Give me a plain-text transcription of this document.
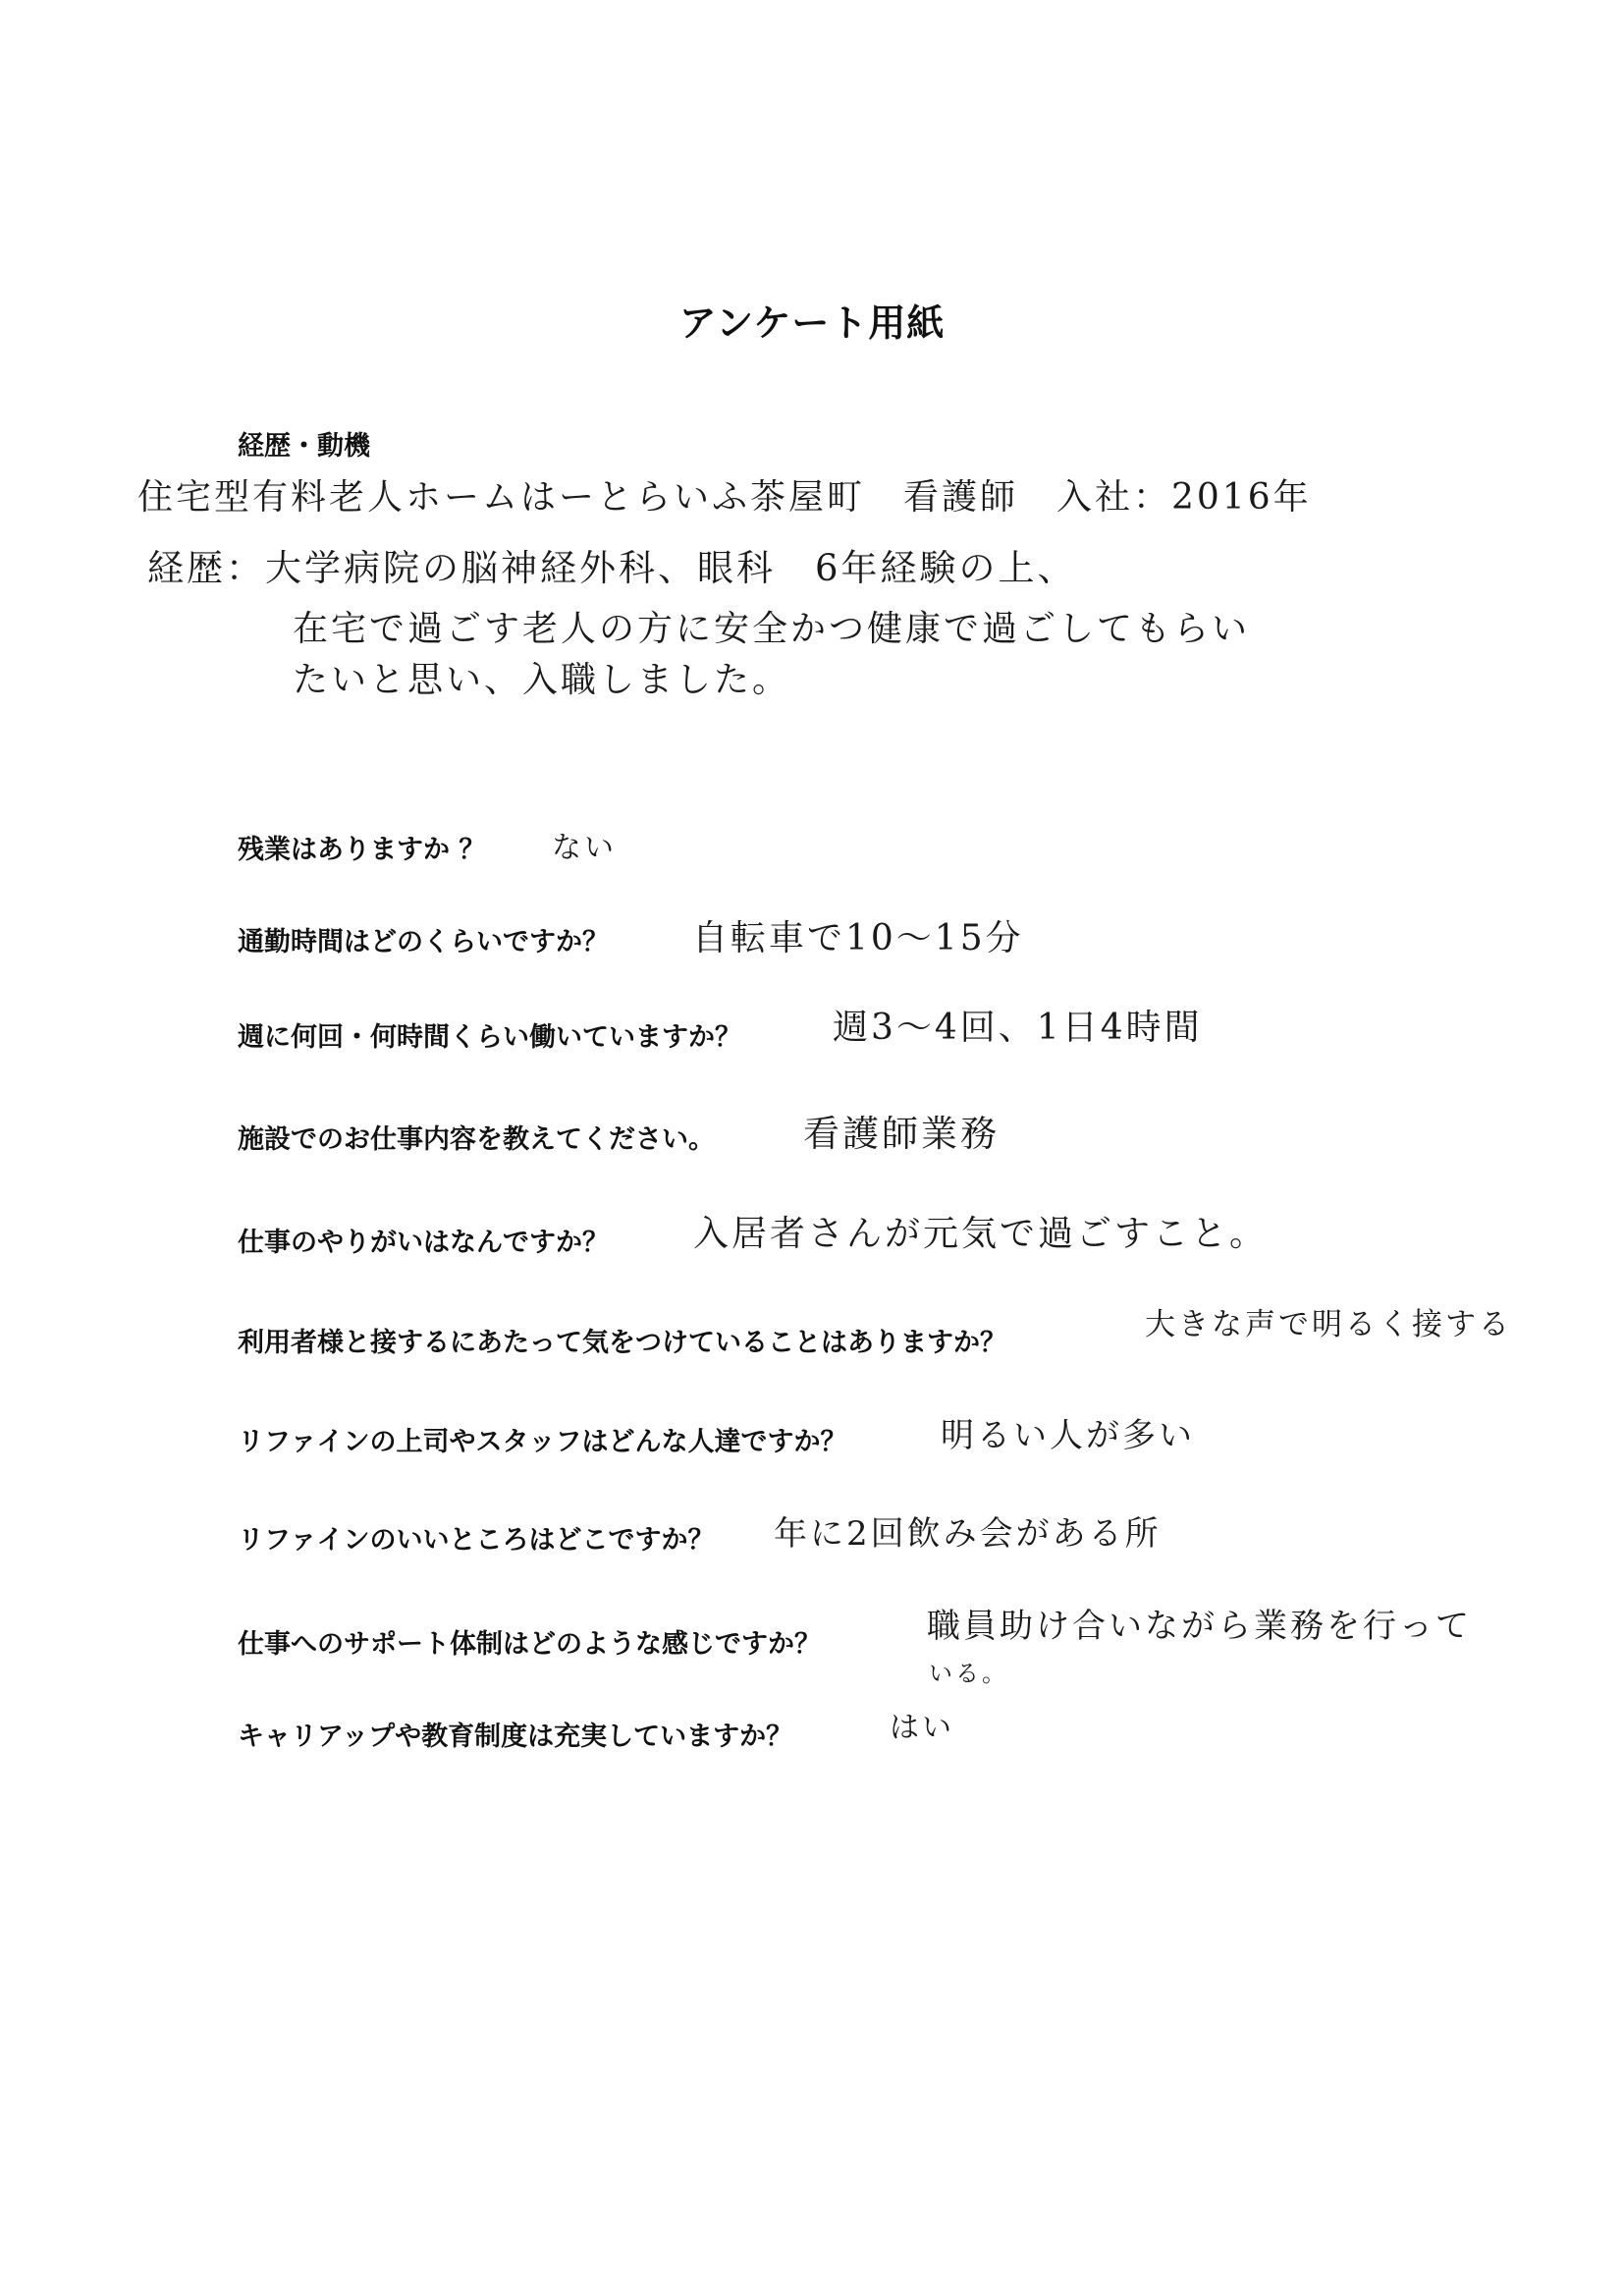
アンケート用紙
経歴・動機
住宅型有料老人ホームはーとらいふ茶屋町　看護師　入社：2016年
経歴：大学病院の脳神経外科、眼科　6年経験の上、
在宅で過ごす老人の方に安全かつ健康で過ごしてもらい
たいと思い、入職しました。
残業はありますか ？ ない
通勤時間はどのくらいですか？ 自転車で10～15分
週に何回・何時間くらい働いていますか？	週3～4回、1日4時間
施設でのお仕事内容を教えてください。 看護師業務
仕事のやりがいはなんですか？ 入居者さんが元気で過ごすこと。
利用者様と接するにあたって気をつけていることはありますか？
大きな声で明るく接する
リファインの上司やスタッフはどんな人達ですか？	明るい人が多い
リファインのいいところはどこですか？ 年に2回飲み会がある所
仕事へのサポート体制はどのような感じですか？	職員助け合いながら業務を行って
いる。
キャリアップや教育制度は充実していますか？	はい
